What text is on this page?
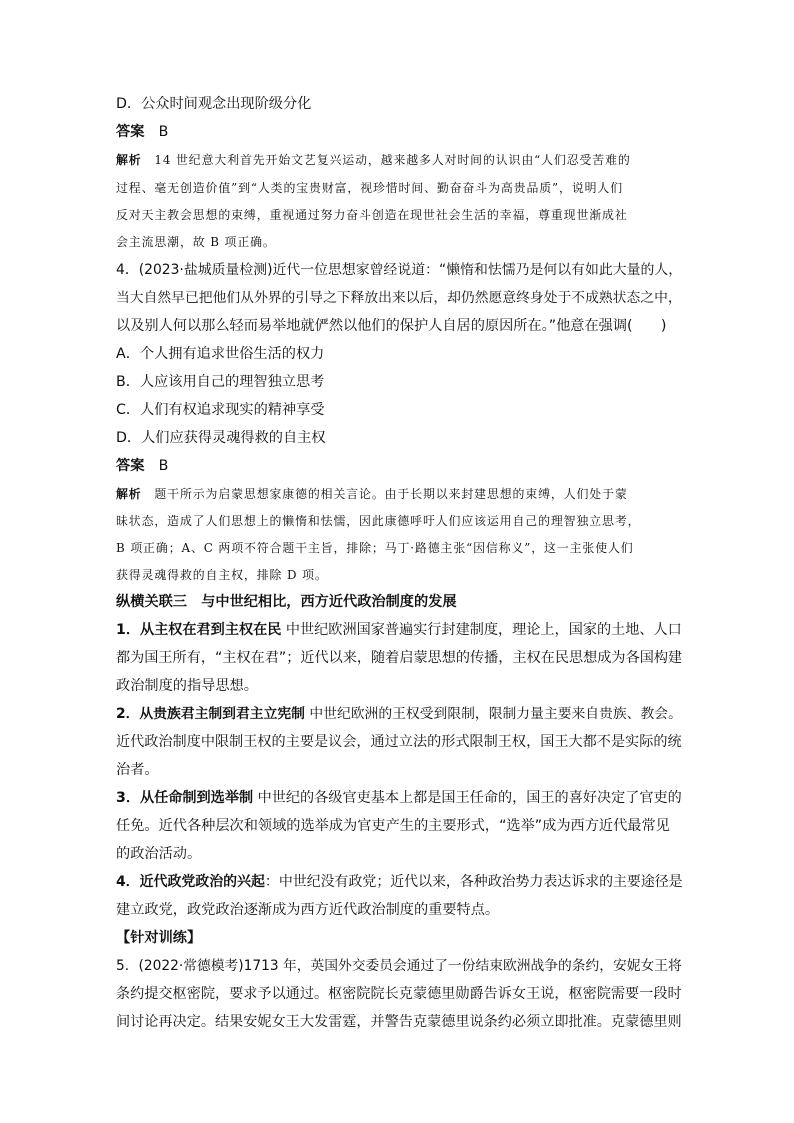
D．公众时间观念出现阶级分化
答案　 B
解析　 14 世纪意大利首先开始文艺复兴运动，越来越多人对时间的认识由“人们忍受苦难的
过程、毫无创造价值”到“人类的宝贵财富，视珍惜时间、勤奋奋斗为高贵品质”，说明人们
反对天主教会思想的束缚，重视通过努力奋斗创造在现世社会生活的幸福，尊重现世渐成社
会主流思潮，故 B 项正确。
4．(2023·盐城质量检测)近代一位思想家曾经说道：“懒惰和怯懦乃是何以有如此大量的人，
当大自然早已把他们从外界的引导之下释放出来以后，却仍然愿意终身处于不成熟状态之中，
以及别人何以那么轻而易举地就俨然以他们的保护人自居的原因所在。”他意在强调(　　)
A．个人拥有追求世俗生活的权力
B．人应该用自己的理智独立思考
C．人们有权追求现实的精神享受
D．人们应获得灵魂得救的自主权
答案　 B
解析　 题干所示为启蒙思想家康德的相关言论。由于长期以来封建思想的束缚，人们处于蒙
昧状态，造成了人们思想上的懒惰和怯懦，因此康德呼吁人们应该运用自己的理智独立思考，
B 项正确；A、C 两项不符合题干主旨，排除；马丁·路德主张“因信称义”，这一主张使人们
获得灵魂得救的自主权，排除 D 项。
纵横关联三　与中世纪相比，西方近代政治制度的发展
1．从主权在君到主权在民 中世纪欧洲国家普遍实行封建制度，理论上，国家的土地、人口
都为国王所有，“主权在君”；近代以来，随着启蒙思想的传播，主权在民思想成为各国构建
政治制度的指导思想。
2．从贵族君主制到君主立宪制 中世纪欧洲的王权受到限制，限制力量主要来自贵族、教会。
近代政治制度中限制王权的主要是议会，通过立法的形式限制王权，国王大都不是实际的统
治者。
3．从任命制到选举制 中世纪的各级官吏基本上都是国王任命的，国王的喜好决定了官吏的
任免。近代各种层次和领域的选举成为官吏产生的主要形式，“选举”成为西方近代最常见
的政治活动。
4．近代政党政治的兴起：中世纪没有政党；近代以来，各种政治势力表达诉求的主要途径是
建立政党，政党政治逐渐成为西方近代政治制度的重要特点。
【针对训练】
5．(2022·常德模考)1713 年，英国外交委员会通过了一份结束欧洲战争的条约，安妮女王将
条约提交枢密院，要求予以通过。枢密院院长克蒙德里勋爵告诉女王说，枢密院需要一段时
间讨论再决定。结果安妮女王大发雷霆，并警告克蒙德里说条约必须立即批准。克蒙德里则
